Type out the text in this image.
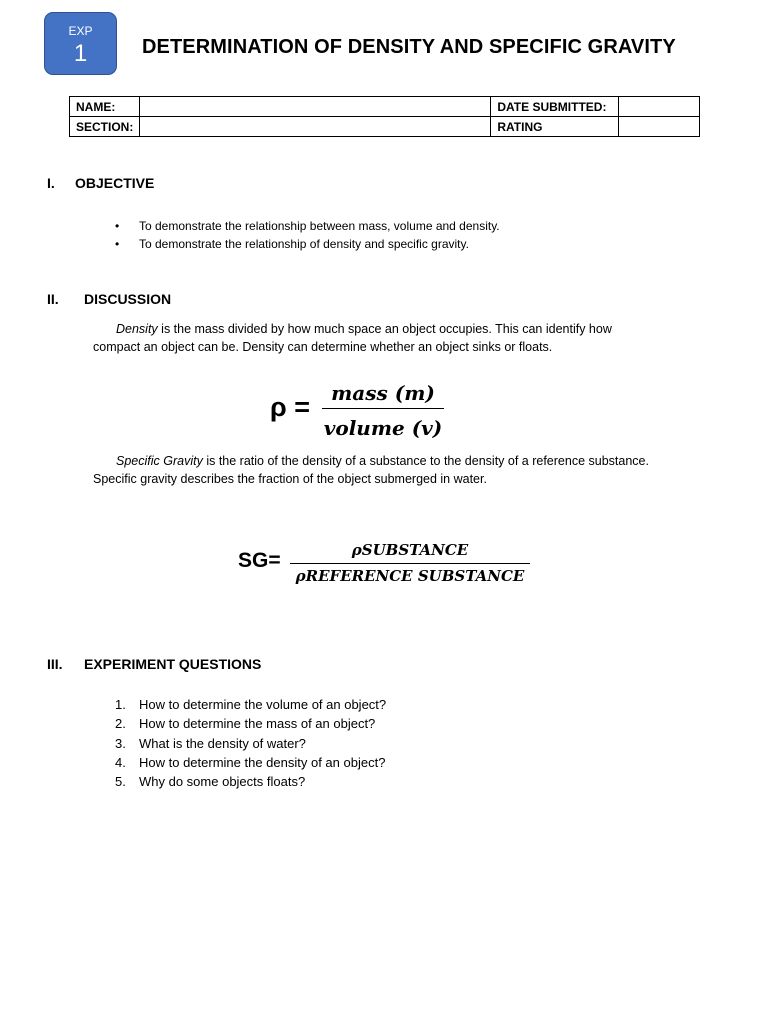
EXP
1	DETERMINATION OF DENSITY AND SPECIFIC GRAVITY
NAME:		DATE SUBMITTED:	
SECTION:		RATING	
I. OBJECTIVE
• To demonstrate the relationship between mass, volume and density.
• To demonstrate the relationship of density and specific gravity.
II. DISCUSSION
Density is the mass divided by how much space an object occupies. This can identify how
compact an object can be. Density can determine whether an object sinks or floats.
ρ =	mass (m)
volume (v)
Specific Gravity is the ratio of the density of a substance to the density of a reference substance.
Specific gravity describes the fraction of the object submerged in water.
SG=	ρSUBSTANCE
ρREFERENCE SUBSTANCE
III. EXPERIMENT QUESTIONS
1. How to determine the volume of an object?
2. How to determine the mass of an object?
3. What is the density of water?
4. How to determine the density of an object?
5. Why do some objects floats?
